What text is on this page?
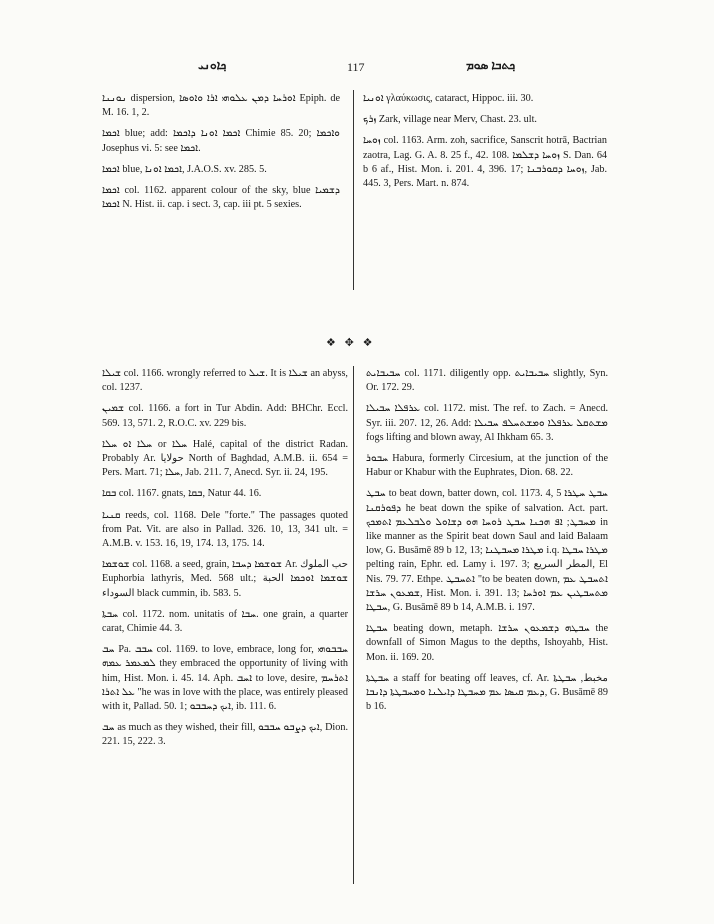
ܟ݂ܐܘܢܝ	117	ܟ݂ܬܒܐ ܣܘܡ

ܢܘܢܢܐ dispersion, ܐܘܪܚܐ ܕܡܢ ܥܠܘܗܝ ܐܪܐ ܘܐܘܣܐ Epiph. de M. 16. 1, 2.

ܐܟܡܐ blue; add: ܐܟܡܐ ܐܘܢܐ ܕܐܟܡܐ Chimie 85. 20; ܘܐܟܡܐ Josephus vi. 5: see ܐܟܡܐ.

ܐܟܡܐ blue, ܐܟܡܐ ܐܘܢܐ, J.A.O.S. xv. 285. 5.

ܐܟܡܐ col. 1162. apparent colour of the sky, blue ܕܫܡܝܐ ܐܟܡܐ N. Hist. ii. cap. i sect. 3, cap. iii pt. 5 sexies.

ܐܘܢܝܐ γλαύκωσις, cataract, Hippoc. iii. 30.

ܙܪܟ Zark, village near Merv, Chast. 23. ult.

ܙܘܚܐ col. 1163. Arm. zoh, sacrifice, Sanscrit hotrā, Bactrian zaotra, Lag. G. A. 8. 25 f., 42. 108. ܙܘܚܐ ܕܫܠܡܐ S. Dan. 64 b 6 af., Hist. Mon. i. 201. 4, 396. 17; ܙܘܚܐ ܕܩܘܪܒܢܐ, Jab. 445. 3, Pers. Mart. n. 874.

❖ ✥ ❖

ܫܝܠܐ col. 1166. wrongly referred to ܫܝܠ. It is ܫܝܠܐ an abyss, col. 1237.

ܫܡܝܢ col. 1166. a fort in Tur Abdin. Add: BHChr. Eccl. 569. 13, 571. 2, R.O.C. xv. 229 bis.

ܚܠܐ ܐܘ ܚܠܐ or ܚܠܐ Halé, capital of the district Radan. Probably Ar. حولايا North of Baghdad, A.M.B. ii. 654 = Pers. Mart. 71; ܚܠܐ, Jab. 211. 7, Anecd. Syr. ii. 24, 195.

ܒܩܐ col. 1167. gnats, ܒܩܐ, Natur 44. 16.

ܩܢܝܐ reeds, col. 1168. Dele "forte." The passages quoted from Pat. Vit. are also in Pallad. 326. 10, 13, 341 ult. = A.M.B. v. 153. 16, 19, 174. 13, 175. 14.

ܫܘܫܡܐ col. 1168. a seed, grain, ܫܘܫܡܐ ܕܚܒܐ Ar. حب الملوك Euphorbia lathyris, Med. 568 ult.; ܫܘܫܡܐ ܐܘܟܡܐ الحبة السوداء black cummin, ib. 583. 5.

ܚܒܬܐ col. 1172. nom. unitatis of ܚܒܐ. one grain, a quarter carat, Chimie 44. 3.

ܚܒ Pa. ܚܒܒ col. 1169. to love, embrace, long for, ܚܒܒܘܗܝ ܠܡܥܡܪ ܥܡܗ they embraced the opportunity of living with him, Hist. Mon. i. 45. 14. Aph. ܐܚܒ to love, desire, ܐܬܪܚܡ ܥܠ ܐܬܪܐ "he was in love with the place, was entirely pleased with it, Pallad. 50. 1; ܐܝܟ ܕܚܒܒܘ, ib. 111. 6.

ܚܒ as much as they wished, their fill, ܐܝܟ ܕܨܒܘ ܚܒܒܘ, Dion. 221. 15, 222. 3.

ܚܒܝܒܐܝܬ col. 1171. diligently opp. ܚܒܝܒܐܝܬ slightly, Syn. Or. 172. 29.

ܥܪܦܠܐ ܚܒܝܠܐ col. 1172. mist. The ref. to Zach. = Anecd. Syr. iii. 207. 12, 26. Add: ܡܫܬܩܠ ܥܪܦܠܐ ܘܡܫܬܚܠܦ ܚܒܝܠܐ fogs lifting and blown away, Al Ihkham 65. 3.

ܚܒܘܪ Habura, formerly Circesium, at the junction of the Habur or Khabur with the Euphrates, Dion. 68. 22.

ܚܒܛ to beat down, batter down, col. 1173. 4, 5 ܚܒܛ ܚܛܪܐ ܕܦܘܪܩܢܐ he beat down the spike of salvation. Act. part. ܡܚܒܛ; ܐܦ ܗܟܢܐ ܚܒܛ ܪܘܚܐ ܗܘ ܕܫܐܘܠ ܘܠܒܠܥܡ ܐܬܡܟܟ in like manner as the Spirit beat down Saul and laid Balaam low, G. Busāmē 89 b 12, 13; ܡܛܪܐ ܡܚܒܛܢܐ i.q. ܡܛܪܐ ܚܒܛܐ pelting rain, Ephr. ed. Lamy i. 197. 3; المطر السريع, El Nis. 79. 77. Ethpe. ܐܬܚܒܛ "to be beaten down, ܐܬܚܒܛ ܥܡ ܫܡܥܘܢ ܚܪܫܐ, Hist. Mon. i. 391. 13; ܡܬܚܒܛܝܢ ܥܡ ܐܘܪܚܐ ܚܒܛܐ, G. Busāmē 89 b 14, A.M.B. i. 197.

ܚܒܛܐ beating down, metaph. ܚܒܛܗ ܕܫܡܥܘܢ ܚܪܫܐ the downfall of Simon Magus to the depths, Ishoyahb, Hist. Mon. ii. 169. 20.

ܚܒܛܬܐ a staff for beating off leaves, cf. Ar. مخبط, ܚܒܛܬܐ ܕܥܡ ܩܝܣܐ ܥܡ ܡܚܒܛܐ ܕܐܝܠܢܐ ܘܡܚܒܛܬܐ ܕܐܢܒܐ, G. Busāmē 89 b 16.
